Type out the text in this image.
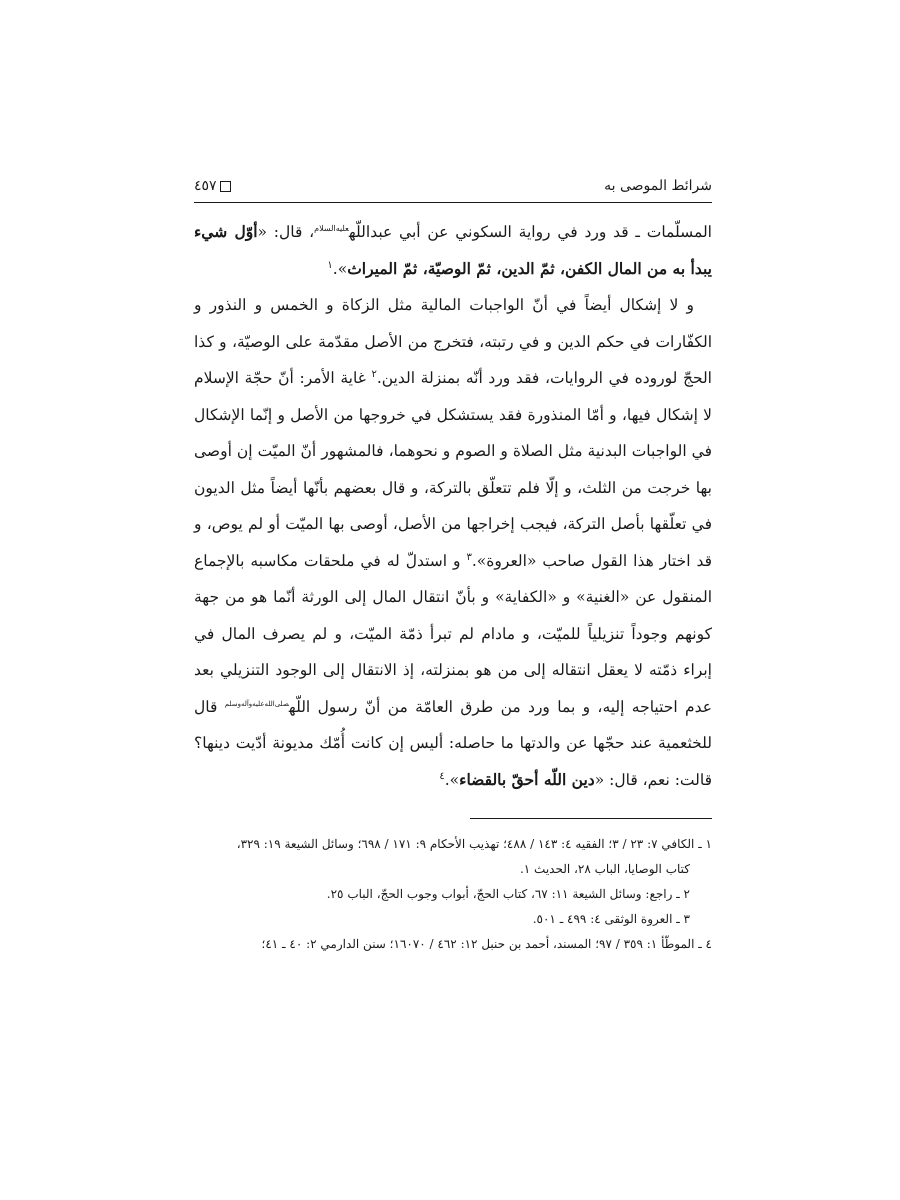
شرائط الموصى به
٤٥٧

المسلّمات ـ قد ورد في رواية السكوني عن أبي عبداللّه$^{عليه‌السلام}$، قال: «أوّل شيء يبدأ به من المال الكفن، ثمّ الدين، ثمّ الوصيّة، ثمّ الميراث».$^١$

و لا إشكال أيضاً في أنّ الواجبات المالية مثل الزكاة و الخمس و النذور و الكفّارات في حكم الدين و في رتبته، فتخرج من الأصل مقدّمة على الوصيّة، و كذا الحجّ لوروده في الروايات، فقد ورد أنّه بمنزلة الدين.$^٢$ غاية الأمر: أنّ حجّة الإسلام لا إشكال فيها، و أمّا المنذورة فقد يستشكل في خروجها من الأصل و إنّما الإشكال في الواجبات البدنية مثل الصلاة و الصوم و نحوهما، فالمشهور أنّ الميّت إن أوصى بها خرجت من الثلث، و إلّا فلم تتعلّق بالتركة، و قال بعضهم بأنّها أيضاً مثل الديون في تعلّقها بأصل التركة، فيجب إخراجها من الأصل، أوصى بها الميّت أو لم يوص، و قد اختار هذا القول صاحب «العروة».$^٣$ و استدلّ له في ملحقات مكاسبه بالإجماع المنقول عن «الغنية» و «الكفاية» و بأنّ انتقال المال إلى الورثة أنّما هو من جهة كونهم وجوداً تنزيلياً للميّت، و مادام لم تبرأ ذمّة الميّت، و لم يصرف المال في إبراء ذمّته لا يعقل انتقاله إلى من هو بمنزلته، إذ الانتقال إلى الوجود التنزيلي بعد عدم احتياجه إليه، و بما ورد من طرق العامّة من أنّ رسول اللّه$^{صلى‌الله‌عليه‌وآله‌وسلم}$ قال للخثعمية عند حجّها عن والدتها ما حاصله: أليس إن كانت أُمّك مديونة أدّيت دينها؟ قالت: نعم، قال: «دين اللّه أحقّ بالقضاء».$^٤$

١ ـ الكافي ٧: ٢٣ / ٣؛ الفقيه ٤: ١٤٣ / ٤٨٨؛ تهذيب الأحكام ٩: ١٧١ / ٦٩٨؛ وسائل الشيعة ١٩: ٣٢٩،

كتاب الوصايا، الباب ٢٨، الحديث ١.

٢ ـ راجع: وسائل الشيعة ١١: ٦٧، كتاب الحجّ، أبواب وجوب الحجّ، الباب ٢٥.

٣ ـ العروة الوثقى ٤: ٤٩٩ ـ ٥٠١.

٤ ـ الموطّأ ١: ٣٥٩ / ٩٧؛ المسند، أحمد بن حنبل ١٢: ٤٦٢ / ١٦٠٧٠؛ سنن الدارمي ٢: ٤٠ ـ ٤١؛
